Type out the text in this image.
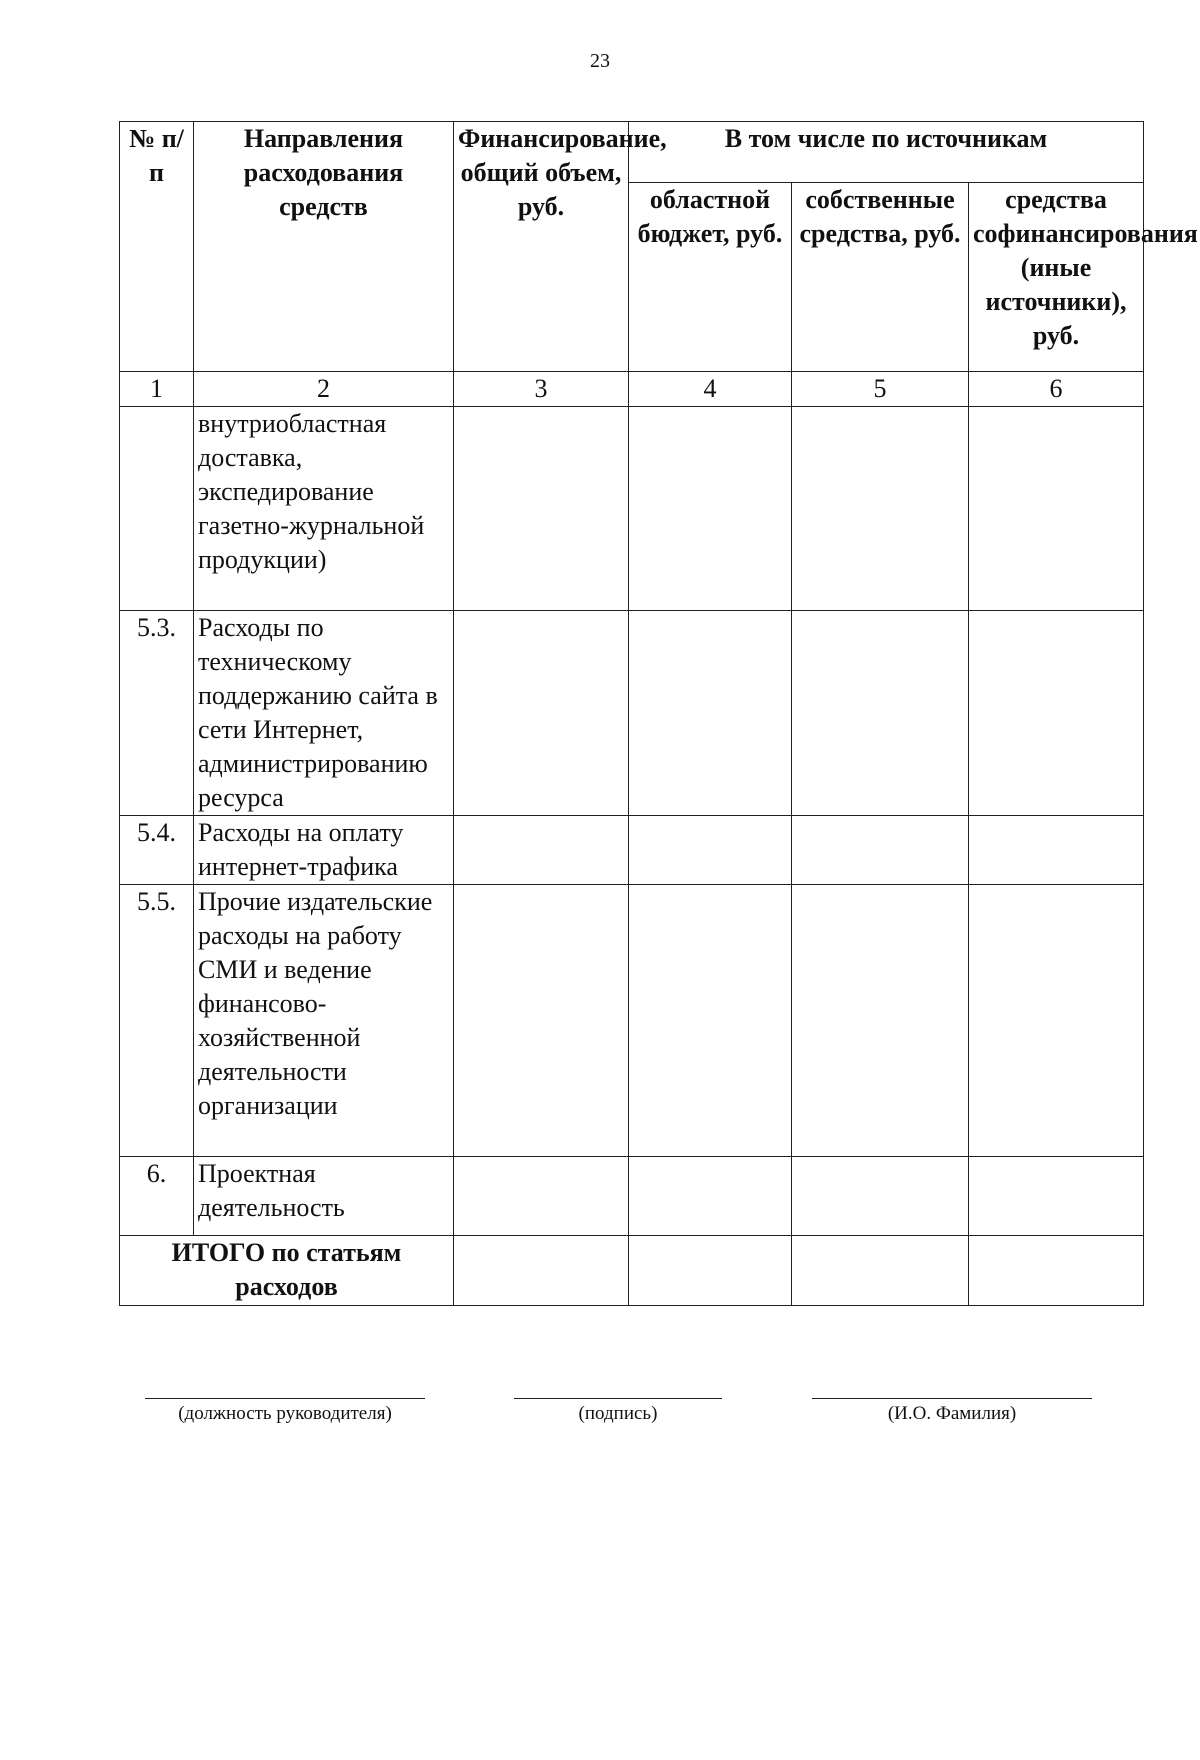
23
№ п/п	Направления расходования средств	Финансирование, общий объем, руб.	В том числе по источникам		
			областной бюджет, руб.	собственные средства, руб.	средства софинансирования (иные источники), руб.
1	2	3	4	5	6
	внутриобластная доставка, экспедирование газетно-журнальной продукции)				
5.3.	Расходы по техническому поддержанию сайта в сети Интернет, администрированию ресурса				
5.4.	Расходы на оплату интернет-трафика				
5.5.	Прочие издательские расходы на работу СМИ и ведение финансово-хозяйственной деятельности организации				
6.	Проектная деятельность				
ИТОГО по статьям расходов					
(должность руководителя)	(подпись)	(И.О. Фамилия)
